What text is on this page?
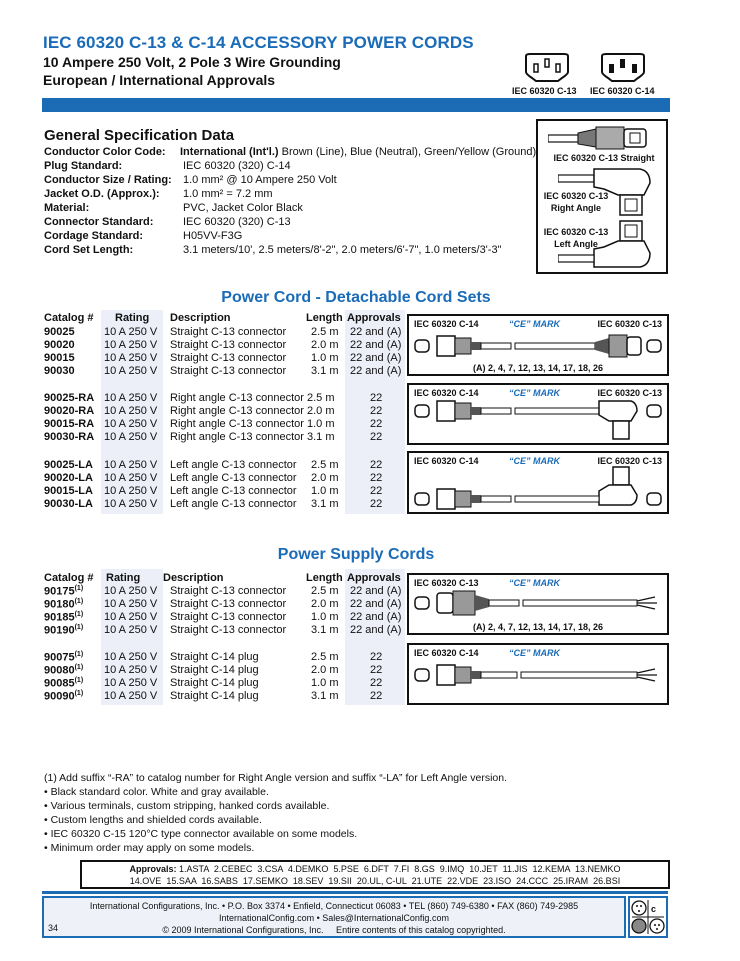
IEC 60320 C-13 & C-14 ACCESSORY POWER CORDS
10 Ampere 250 Volt, 2 Pole 3 Wire Grounding
European / International Approvals
IEC 60320 C-13 IEC 60320 C-14
General Specification Data
Conductor Color Code: International (Int'l.) Brown (Line), Blue (Neutral), Green/Yellow (Ground)
Plug Standard:	IEC 60320 (320) C-14
Conductor Size / Rating: 1.0 mm² @ 10 Ampere 250 Volt
Jacket O.D. (Approx.): 1.0 mm² = 7.2 mm
Material:	PVC, Jacket Color Black
Connector Standard:	IEC 60320 (320) C-13
Cordage Standard:	H05VV-F3G
Cord Set Length:	3.1 meters/10', 2.5 meters/8'-2", 2.0 meters/6'-7", 1.0 meters/3'-3"
IEC 60320 C-13 Straight
IEC 60320 C-13
Right Angle
IEC 60320 C-13
Left Angle
Power Cord - Detachable Cord Sets
Catalog # Rating Description	Length Approvals
90025	10 A 250 V Straight C-13 connector 2.5 m 22 and (A)
90020	10 A 250 V Straight C-13 connector 2.0 m 22 and (A)
90015	10 A 250 V Straight C-13 connector 1.0 m 22 and (A)
90030	10 A 250 V Straight C-13 connector 3.1 m 22 and (A)
90025-RA 10 A 250 V Right angle C-13 connector 2.5 m	22
90020-RA 10 A 250 V Right angle C-13 connector 2.0 m	22
90015-RA 10 A 250 V Right angle C-13 connector 1.0 m	22
90030-RA 10 A 250 V Right angle C-13 connector 3.1 m	22
90025-LA 10 A 250 V Left angle C-13 connector 2.5 m	22
90020-LA 10 A 250 V Left angle C-13 connector 2.0 m	22
90015-LA 10 A 250 V Left angle C-13 connector 1.0 m	22
90030-LA 10 A 250 V Left angle C-13 connector 3.1 m	22
IEC 60320 C-14	“CE” MARK	IEC 60320 C-13
(A) 2, 4, 7, 12, 13, 14, 17, 18, 26
IEC 60320 C-14	“CE” MARK	IEC 60320 C-13
IEC 60320 C-14	“CE” MARK	IEC 60320 C-13
Power Supply Cords
Catalog # Rating Description	Length Approvals
90175$^{(1)}$ 10 A 250 V Straight C-13 connector 2.5 m 22 and (A)
90180$^{(1)}$ 10 A 250 V Straight C-13 connector 2.0 m 22 and (A)
90185$^{(1)}$ 10 A 250 V Straight C-13 connector 1.0 m 22 and (A)
90190$^{(1)}$ 10 A 250 V Straight C-13 connector 3.1 m 22 and (A)
90075$^{(1)}$ 10 A 250 V Straight C-14 plug	2.5 m	22
90080$^{(1)}$ 10 A 250 V Straight C-14 plug	2.0 m	22
90085$^{(1)}$ 10 A 250 V Straight C-14 plug	1.0 m	22
90090$^{(1)}$ 10 A 250 V Straight C-14 plug	3.1 m	22
IEC 60320 C-13	“CE” MARK
(A) 2, 4, 7, 12, 13, 14, 17, 18, 26
IEC 60320 C-14	“CE” MARK
(1) Add suffix “-RA” to catalog number for Right Angle version and suffix “-LA” for Left Angle version.
• Black standard color. White and gray available.
• Various terminals, custom stripping, hanked cords available.
• Custom lengths and shielded cords available.
• IEC 60320 C-15 120°C type connector available on some models.
• Minimum order may apply on some models.
Approvals: 1.ASTA  2.CEBEC  3.CSA  4.DEMKO  5.PSE  6.DFT  7.FI  8.GS  9.IMQ  10.JET  11.JIS  12.KEMA  13.NEMKO
14.OVE  15.SAA  16.SABS  17.SEMKO  18.SEV  19.SII  20.UL, C-UL  21.UTE  22.VDE  23.ISO  24.CCC  25.IRAM  26.BSI
International Configurations, Inc. • P.O. Box 3374 • Enfield, Connecticut 06083 • TEL (860) 749-6380 • FAX (860) 749-2985
InternationalConfig.com • Sales@InternationalConfig.com
© 2009 International Configurations, Inc.     Entire contents of this catalog copyrighted.
34
c
